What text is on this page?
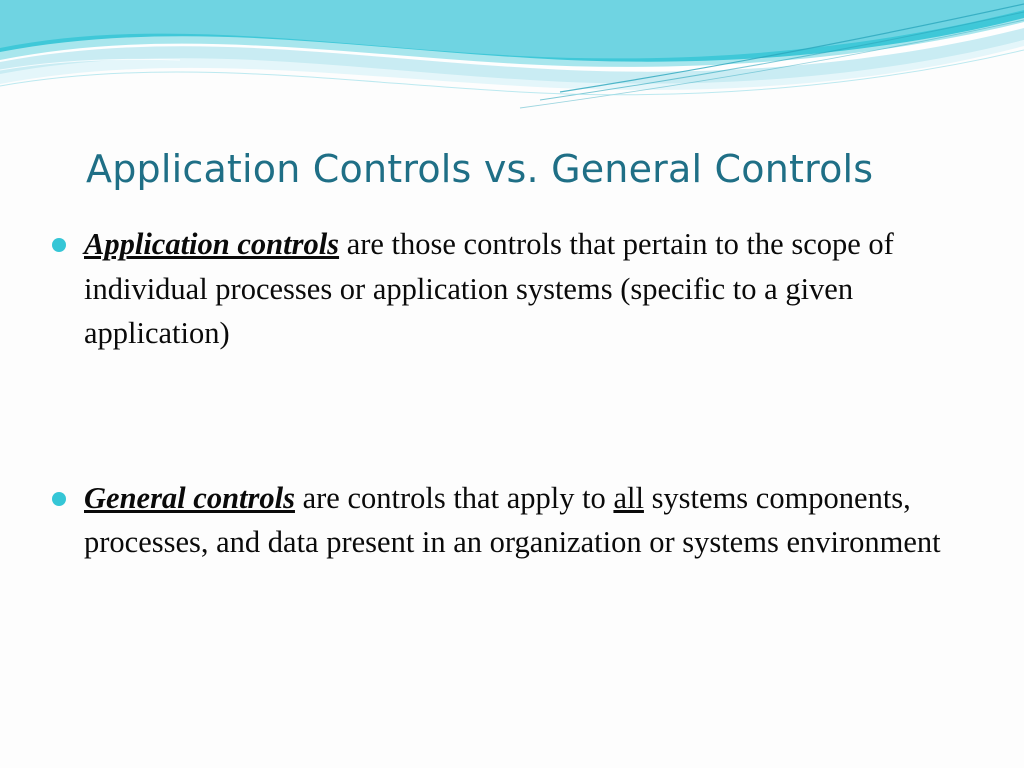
Application Controls vs. General Controls
Application controls are those controls that pertain to the scope of individual processes or application systems (specific to a given application)
General controls are controls that apply to all systems components, processes, and data present in an organization or systems environment
